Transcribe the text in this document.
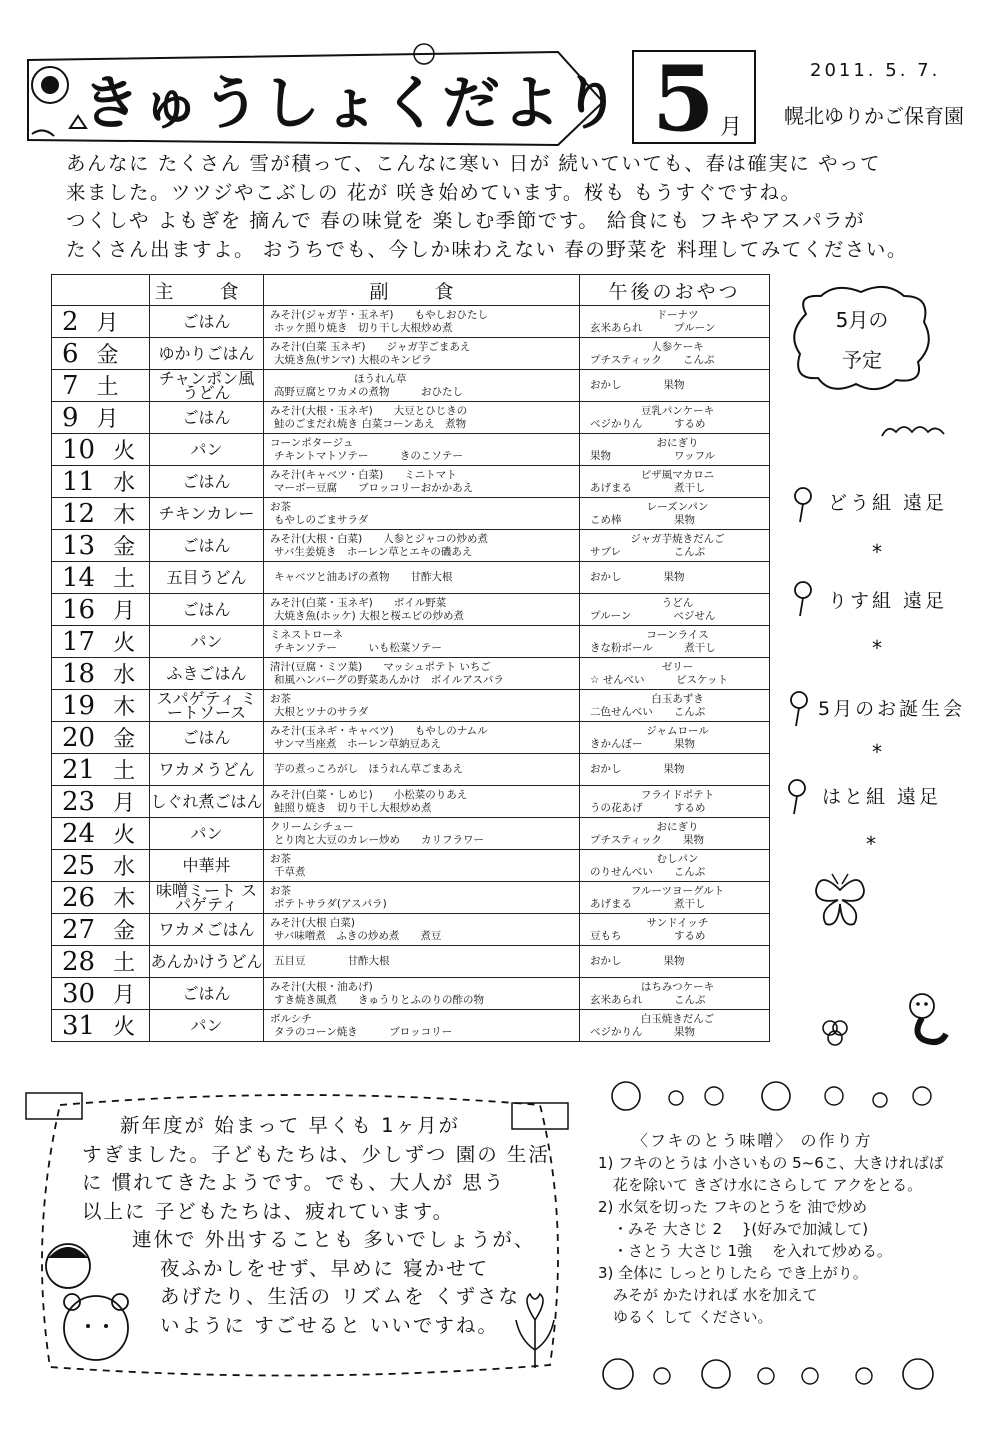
きゅうしょくだより 5 月
2011. 5. 7.
幌北ゆりかご保育園
あんなに たくさん 雪が積って、こんなに寒い 日が 続いていても、春は確実に やって
来ました。ツツジやこぶしの 花が 咲き始めています。桜も もうすぐですね。
つくしや よもぎを 摘んで 春の味覚を 楽しむ季節です。 給食にも フキやアスパラが
たくさん出ますよ。 おうちでも、今しか味わえない 春の野菜を 料理してみてください。
	主 食	副 食	午後のおやつ
2 月	ごはん	みそ汁(ジャガ芋・玉ネギ)　　もやしおひたし
ホッケ照り焼き　切り干し大根炒め煮	ドーナツ
玄米あられ　　　プルーン

6 金	ゆかりごはん	みそ汁(白菜 玉ネギ)　　ジャガ芋ごまあえ
大焼き魚(サンマ) 大根のキンピラ	人参ケーキ
プチスティック　　こんぶ

7 土	チャンポン風 うどん	　　　　　　　　ほうれん草
高野豆腐とワカメの煮物　　　おひたし	おかし　　　　果物

9 月	ごはん	みそ汁(大根・玉ネギ)　　大豆とひじきの
鮭のごまだれ焼き 白菜コーンあえ　煮物	豆乳パンケーキ
ベジかりん　　　するめ

10 火	パン	コーンポタージュ
チキントマトソテー　　　きのこソテー	おにぎり
果物　　　　　　ワッフル

11 水	ごはん	みそ汁(キャベツ・白菜)　　ミニトマト
マーボー豆腐　　ブロッコリーおかかあえ	ピザ風マカロニ
あげまる　　　　煮干し

12 木	チキンカレー	お茶
もやしのごまサラダ	レーズンパン
こめ棒　　　　　果物

13 金	ごはん	みそ汁(大根・白菜)　　人参とジャコの炒め煮
サバ生姜焼き　ホーレン草とエキの磯あえ	ジャガ芋焼きだんご
サブレ　　　　　こんぶ

14 土	五目うどん	キャベツと油あげの煮物　　甘酢大根	おかし　　　　果物

16 月	ごはん	みそ汁(白菜・玉ネギ)　　ボイル野菜
大焼き魚(ホッケ) 大根と桜エビの炒め煮	うどん
プルーン　　　　ベジせん

17 火	パン	ミネストローネ
チキンソテー　　　いも松菜ソテー	コーンライス
きな粉ボール　　　煮干し

18 水	ふきごはん	清汁(豆腐・ミツ葉)　　マッシュポテト いちご
和風ハンバーグの野菜あんかけ　ボイルアスパラ	ゼリー
☆ せんべい　　　ビスケット

19 木	スパゲティ ミートソース	お茶
大根とツナのサラダ	白玉あずき
二色せんべい　　こんぶ

20 金	ごはん	みそ汁(玉ネギ・キャベツ)　　もやしのナムル
サンマ当座煮　ホーレン草納豆あえ	ジャムロール
きかんぼー　　　果物

21 土	ワカメうどん	芋の煮っころがし　ほうれん草ごまあえ	おかし　　　　果物

23 月	しぐれ煮ごはん	みそ汁(白菜・しめじ)　　小松菜のりあえ
鮭照り焼き　切り干し大根炒め煮	フライドポテト
うの花あげ　　　するめ

24 火	パン	クリームシチュー
とり肉と大豆のカレー炒め　　カリフラワー	おにぎり
プチスティック　　果物

25 水	中華丼	お茶
千草煮	むしパン
のりせんべい　　こんぶ

26 木	味噌ミート スパゲティ	お茶
ポテトサラダ(アスパラ)	フルーツヨーグルト
あげまる　　　　煮干し

27 金	ワカメごはん	みそ汁(大根 白菜)
サバ味噌煮　ふきの炒め煮　　煮豆	サンドイッチ
豆もち　　　　　するめ

28 土	あんかけうどん	五目豆　　　　甘酢大根	おかし　　　　果物

30 月	ごはん	みそ汁(大根・油あげ)
すき焼き風煮　　きゅうりとふのりの酢の物	はちみつケーキ
玄米あられ　　　こんぶ

31 火	パン	ボルシチ
タラのコーン焼き　　　ブロッコリー	白玉焼きだんご
ベジかりん　　　果物
5月の
予定
どう組 遠足
*
りす組 遠足
*
5月のお誕生会
*
はと組 遠足
*
新年度が 始まって 早くも 1ヶ月が
すぎました。子どもたちは、少しずつ 園の 生活
に 慣れてきたようです。でも、大人が 思う
以上に 子どもたちは、疲れています。
連休で 外出することも 多いでしょうが、
夜ふかしをせず、早めに 寝かせて
あげたり、生活の リズムを くずさな
いように すごせると いいですね。
〈フキのとう味噌〉 の作り方
1) フキのとうは 小さいもの 5~6こ、大きければば
　花を除いて きざけ水にさらして アクをとる。
2) 水気を切った フキのとうを 油で炒め
　・みそ 大さじ 2　 }(好みで加減して)
　・さとう 大さじ 1強　 を入れて炒める。
3) 全体に しっとりしたら でき上がり。
　みそが かたければ 水を加えて
　ゆるく して ください。
